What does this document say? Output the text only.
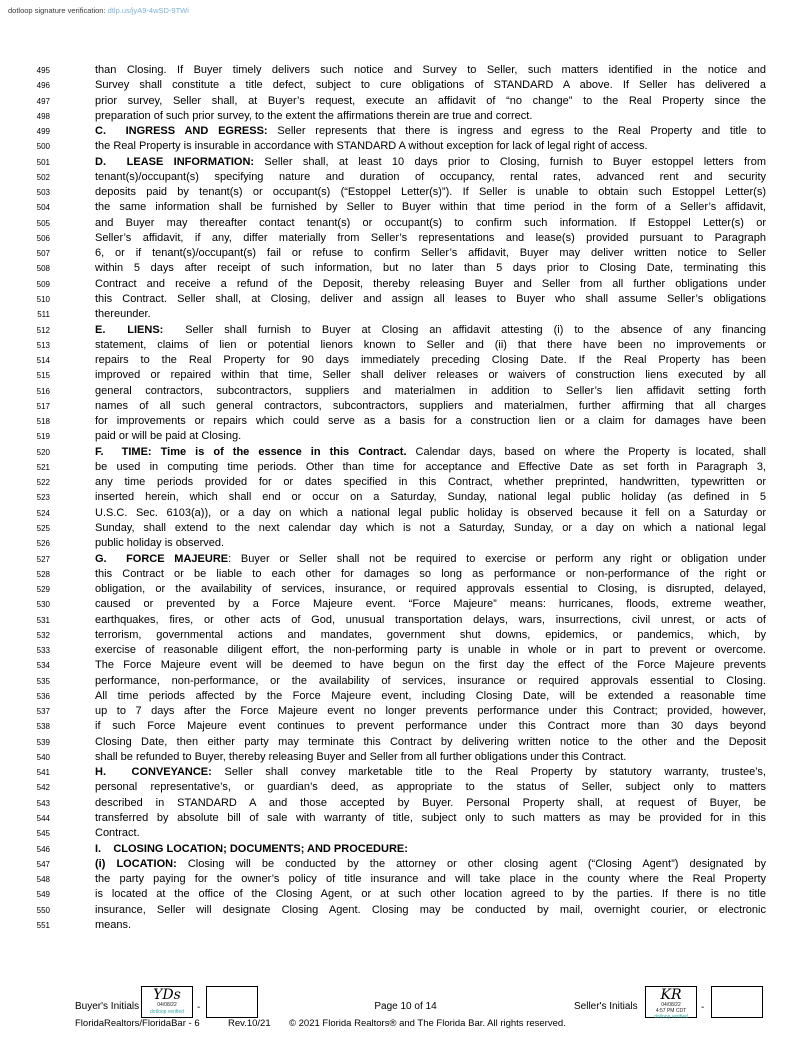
dotloop signature verification: dtlp.us/jyA9-4wSD-9TWi
495	than Closing. If Buyer timely delivers such notice and Survey to Seller, such matters identified in the notice and
496	Survey shall constitute a title defect, subject to cure obligations of STANDARD A above. If Seller has delivered a
497	prior survey, Seller shall, at Buyer’s request, execute an affidavit of “no change” to the Real Property since the
498	preparation of such prior survey, to the extent the affirmations therein are true and correct.
499	C.  INGRESS AND EGRESS: Seller represents that there is ingress and egress to the Real Property and title to
500	the Real Property is insurable in accordance with STANDARD A without exception for lack of legal right of access.
501	D.  LEASE INFORMATION: Seller shall, at least 10 days prior to Closing, furnish to Buyer estoppel letters from
502	tenant(s)/occupant(s) specifying nature and duration of occupancy, rental rates, advanced rent and security
503	deposits paid by tenant(s) or occupant(s) (“Estoppel Letter(s)”). If Seller is unable to obtain such Estoppel Letter(s)
504	the same information shall be furnished by Seller to Buyer within that time period in the form of a Seller’s affidavit,
505	and Buyer may thereafter contact tenant(s) or occupant(s) to confirm such information. If Estoppel Letter(s) or
506	Seller’s affidavit, if any, differ materially from Seller’s representations and lease(s) provided pursuant to Paragraph
507	6, or if tenant(s)/occupant(s) fail or refuse to confirm Seller’s affidavit, Buyer may deliver written notice to Seller
508	within 5 days after receipt of such information, but no later than 5 days prior to Closing Date, terminating this
509	Contract and receive a refund of the Deposit, thereby releasing Buyer and Seller from all further obligations under
510	this Contract. Seller shall, at Closing, deliver and assign all leases to Buyer who shall assume Seller’s obligations
511	thereunder.
512	E.  LIENS:  Seller shall furnish to Buyer at Closing an affidavit attesting (i) to the absence of any financing
513	statement, claims of lien or potential lienors known to Seller and (ii) that there have been no improvements or
514	repairs to the Real Property for 90 days immediately preceding Closing Date. If the Real Property has been
515	improved or repaired within that time, Seller shall deliver releases or waivers of construction liens executed by all
516	general contractors, subcontractors, suppliers and materialmen in addition to Seller’s lien affidavit setting forth
517	names of all such general contractors, subcontractors, suppliers and materialmen, further affirming that all charges
518	for improvements or repairs which could serve as a basis for a construction lien or a claim for damages have been
519	paid or will be paid at Closing.
520	F.  TIME: Time is of the essence in this Contract. Calendar days, based on where the Property is located, shall
521	be used in computing time periods. Other than time for acceptance and Effective Date as set forth in Paragraph 3,
522	any time periods provided for or dates specified in this Contract, whether preprinted, handwritten, typewritten or
523	inserted herein, which shall end or occur on a Saturday, Sunday, national legal public holiday (as defined in 5
524	U.S.C. Sec. 6103(a)), or a day on which a national legal public holiday is observed because it fell on a Saturday or
525	Sunday, shall extend to the next calendar day which is not a Saturday, Sunday, or a day on which a national legal
526	public holiday is observed.
527	G.  FORCE MAJEURE: Buyer or Seller shall not be required to exercise or perform any right or obligation under
528	this Contract or be liable to each other for damages so long as performance or non-performance of the right or
529	obligation, or the availability of services, insurance, or required approvals essential to Closing, is disrupted, delayed,
530	caused or prevented by a Force Majeure event. “Force Majeure” means: hurricanes, floods, extreme weather,
531	earthquakes, fires, or other acts of God, unusual transportation delays, wars, insurrections, civil unrest, or acts of
532	terrorism, governmental actions and mandates, government shut downs, epidemics, or pandemics, which, by
533	exercise of reasonable diligent effort, the non-performing party is unable in whole or in part to prevent or overcome.
534	The Force Majeure event will be deemed to have begun on the first day the effect of the Force Majeure prevents
535	performance, non-performance, or the availability of services, insurance or required approvals essential to Closing.
536	All time periods affected by the Force Majeure event, including Closing Date, will be extended a reasonable time
537	up to 7 days after the Force Majeure event no longer prevents performance under this Contract; provided, however,
538	if such Force Majeure event continues to prevent performance under this Contract more than 30 days beyond
539	Closing Date, then either party may terminate this Contract by delivering written notice to the other and the Deposit
540	shall be refunded to Buyer, thereby releasing Buyer and Seller from all further obligations under this Contract.
541	H.  CONVEYANCE: Seller shall convey marketable title to the Real Property by statutory warranty, trustee’s,
542	personal representative’s, or guardian’s deed, as appropriate to the status of Seller, subject only to matters
543	described in STANDARD A and those accepted by Buyer. Personal Property shall, at request of Buyer, be
544	transferred by absolute bill of sale with warranty of title, subject only to such matters as may be provided for in this
545	Contract.
546	I.    CLOSING LOCATION; DOCUMENTS; AND PROCEDURE:
547	(i) LOCATION: Closing will be conducted by the attorney or other closing agent (“Closing Agent”) designated by
548	the party paying for the owner’s policy of title insurance and will take place in the county where the Real Property
549	is located at the office of the Closing Agent, or at such other location agreed to by the parties. If there is no title
550	insurance, Seller will designate Closing Agent. Closing may be conducted by mail, overnight courier, or electronic
551	means.
Buyer's Initials
YDs
04/08/22
dotloop verified	-	Page 10 of 14	Seller's Initials
KR
04/08/22
4:57 PM CDT
dotloop verified
-
FloridaRealtors/FloridaBar - 6	Rev.10/21 © 2021 Florida Realtors® and The Florida Bar. All rights reserved.
